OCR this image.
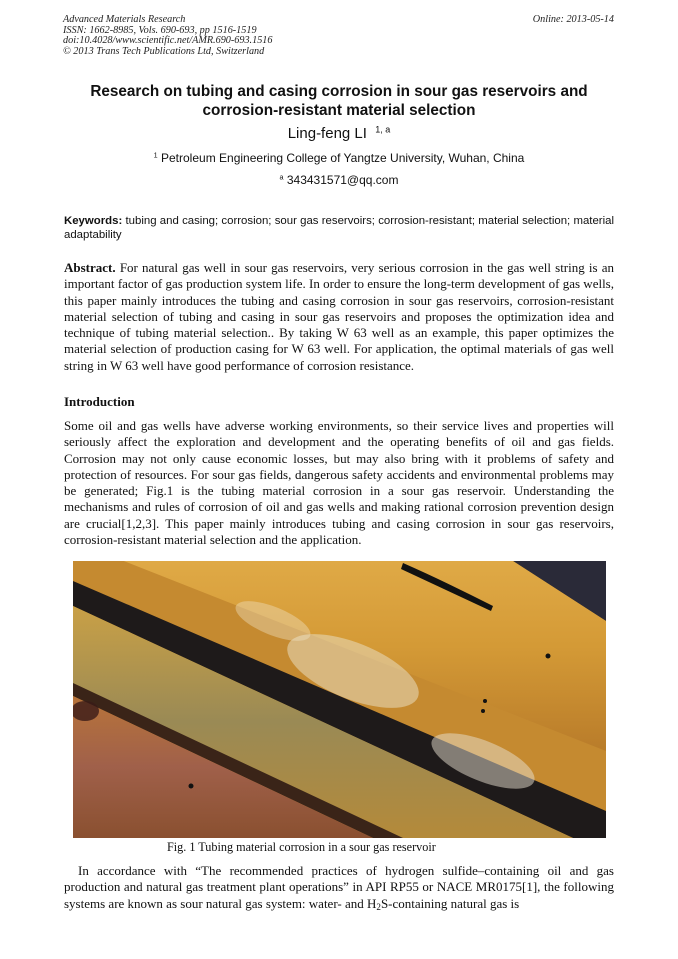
Advanced Materials Research
ISSN: 1662-8985, Vols. 690-693, pp 1516-1519
doi:10.4028/www.scientific.net/AMR.690-693.1516
© 2013 Trans Tech Publications Ltd, Switzerland
Online: 2013-05-14
Research on tubing and casing corrosion in sour gas reservoirs and
corrosion-resistant material selection
Ling-feng LI $^{1, a}$
$^1$ Petroleum Engineering College of Yangtze University, Wuhan, China
$^a$ 343431571@qq.com
Keywords: tubing and casing; corrosion; sour gas reservoirs; corrosion-resistant; material selection; material adaptability
Abstract. For natural gas well in sour gas reservoirs, very serious corrosion in the gas well string is an important factor of gas production system life. In order to ensure the long-term development of gas wells, this paper mainly introduces the tubing and casing corrosion in sour gas reservoirs, corrosion-resistant material selection of tubing and casing in sour gas reservoirs and proposes the optimization idea and technique of tubing material selection.. By taking W 63 well as an example, this paper optimizes the material selection of production casing for W 63 well. For application, the optimal materials of gas well string in W 63 well have good performance of corrosion resistance.
Introduction
Some oil and gas wells have adverse working environments, so their service lives and properties will seriously affect the exploration and development and the operating benefits of oil and gas fields. Corrosion may not only cause economic losses, but may also bring with it problems of safety and protection of resources. For sour gas fields, dangerous safety accidents and environmental problems may be generated; Fig.1 is the tubing material corrosion in a sour gas reservoir. Understanding the mechanisms and rules of corrosion of oil and gas wells and making rational corrosion prevention design are crucial[1,2,3]. This paper mainly introduces tubing and casing corrosion in sour gas reservoirs, corrosion-resistant material selection and the application.
Fig. 1 Tubing material corrosion in a sour gas reservoir
In accordance with “The recommended practices of hydrogen sulfide–containing oil and gas production and natural gas treatment plant operations” in API RP55 or NACE MR0175[1], the following systems are known as sour natural gas system: water- and $H_2S$-containing natural gas is
